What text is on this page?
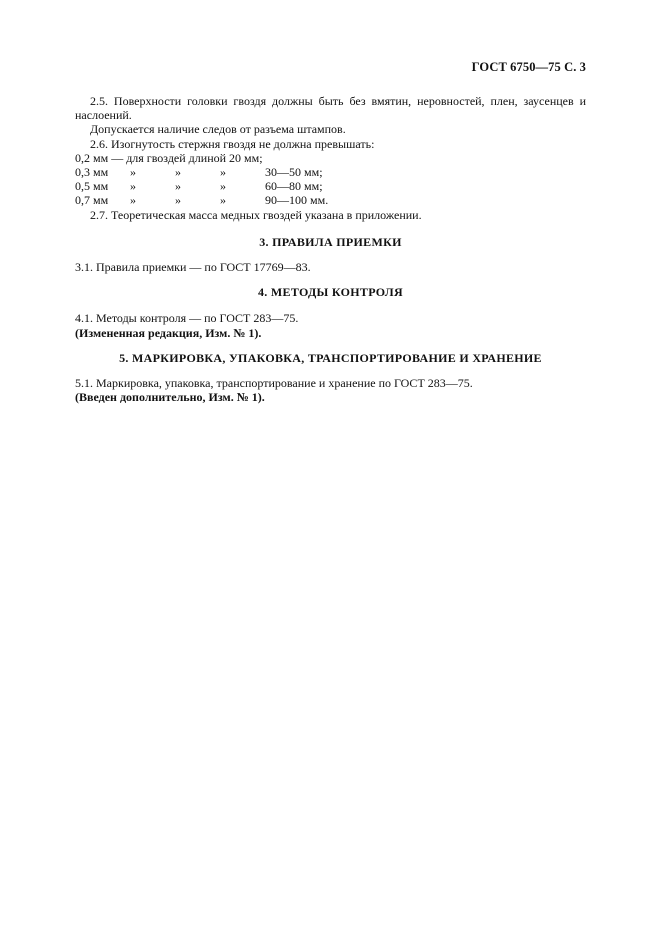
ГОСТ 6750—75 С. 3

2.5. Поверхности головки гвоздя должны быть без вмятин, неровностей, плен, заусенцев и наслоений.

Допускается наличие следов от разъема штампов.

2.6. Изогнутость стержня гвоздя не должна превышать:

0,2 мм — для гвоздей длиной 20 мм;

0,3 мм	»	»	»	30—50 мм;
0,5 мм	»	»	»	60—80 мм;
0,7 мм	»	»	»	90—100 мм.

2.7. Теоретическая масса медных гвоздей указана в приложении.

3. ПРАВИЛА ПРИЕМКИ

3.1. Правила приемки — по ГОСТ 17769—83.

4. МЕТОДЫ КОНТРОЛЯ

4.1. Методы контроля — по ГОСТ 283—75.

(Измененная редакция, Изм. № 1).

5. МАРКИРОВКА, УПАКОВКА, ТРАНСПОРТИРОВАНИЕ И ХРАНЕНИЕ

5.1. Маркировка, упаковка, транспортирование и хранение по ГОСТ 283—75.

(Введен дополнительно, Изм. № 1).
